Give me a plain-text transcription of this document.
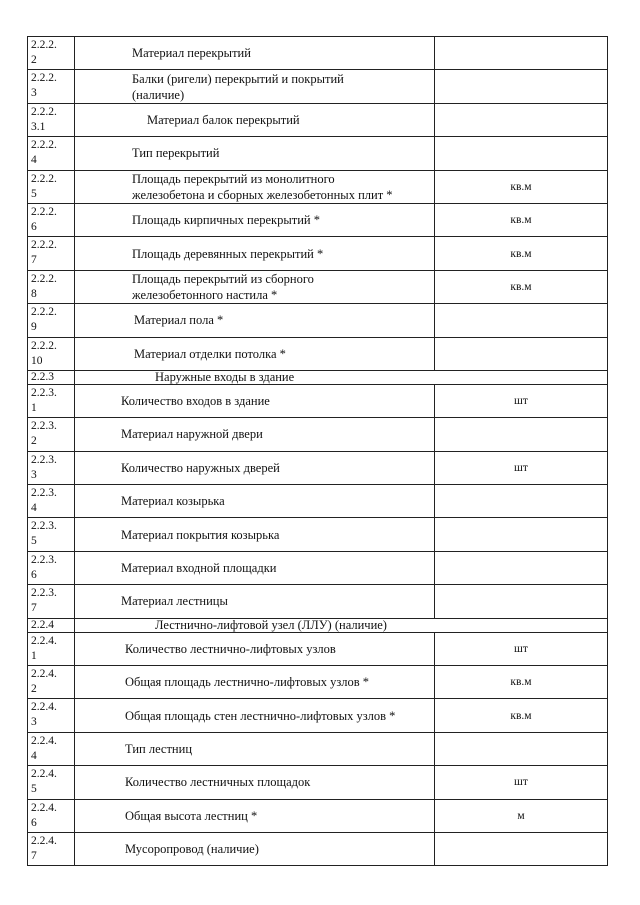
2.2.2.
2	Материал перекрытий	
2.2.2.
3	Балки (ригели) перекрытий и покрытий
(наличие)	
2.2.2.
3.1	Материал балок перекрытий	
2.2.2.
4	Тип перекрытий	
2.2.2.
5	Площадь перекрытий из монолитного
железобетона и сборных железобетонных плит *	кв.м
2.2.2.
6	Площадь кирпичных перекрытий *	кв.м
2.2.2.
7	Площадь деревянных перекрытий *	кв.м
2.2.2.
8	Площадь перекрытий из сборного
железобетонного настила *	кв.м
2.2.2.
9	Материал пола *	
2.2.2.
10	Материал отделки потолка *	
2.2.3	Наружные входы в здание	
2.2.3.
1	Количество входов в здание	шт
2.2.3.
2	Материал наружной двери	
2.2.3.
3	Количество наружных дверей	шт
2.2.3.
4	Материал козырька	
2.2.3.
5	Материал покрытия козырька	
2.2.3.
6	Материал входной площадки	
2.2.3.
7	Материал лестницы	
2.2.4	Лестнично-лифтовой узел (ЛЛУ) (наличие)	
2.2.4.
1	Количество лестнично-лифтовых узлов	шт
2.2.4.
2	Общая площадь лестнично-лифтовых узлов *	кв.м
2.2.4.
3	Общая площадь стен лестнично-лифтовых узлов *	кв.м
2.2.4.
4	Тип лестниц	
2.2.4.
5	Количество лестничных площадок	шт
2.2.4.
6	Общая высота лестниц *	м
2.2.4.
7	Мусоропровод (наличие)	
